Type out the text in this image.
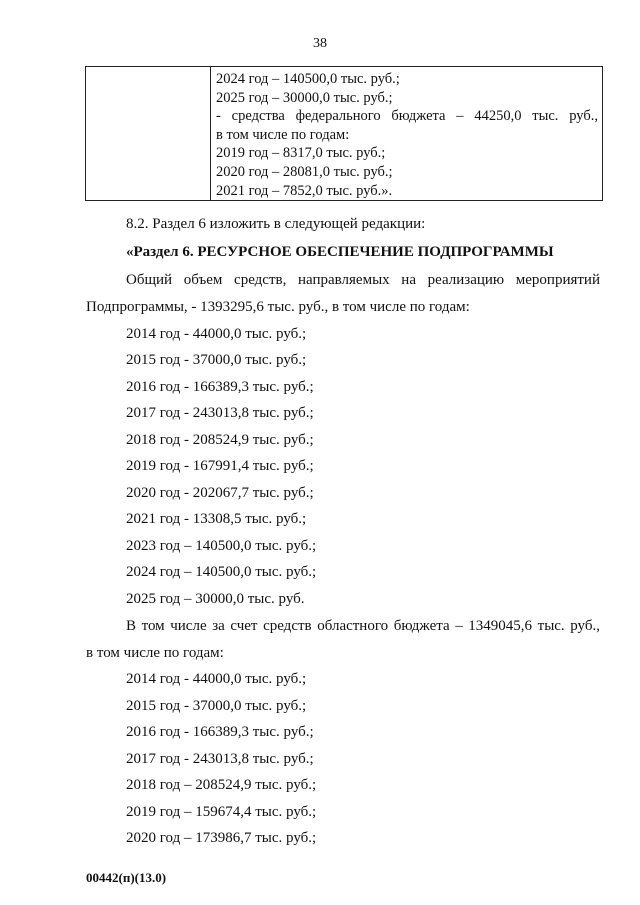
38

2024 год – 140500,0 тыс. руб.;
2025 год – 30000,0 тыс. руб.;
- средства федерального бюджета – 44250,0 тыс. руб.,
в том числе по годам:
2019 год – 8317,0 тыс. руб.;
2020 год – 28081,0 тыс. руб.;
2021 год – 7852,0 тыс. руб.».
8.2. Раздел 6 изложить в следующей редакции:
«Раздел 6. РЕСУРСНОЕ ОБЕСПЕЧЕНИЕ ПОДПРОГРАММЫ
Общий объем средств, направляемых на реализацию мероприятий
Подпрограммы, - 1393295,6 тыс. руб., в том числе по годам:
2014 год - 44000,0 тыс. руб.;
2015 год - 37000,0 тыс. руб.;
2016 год - 166389,3 тыс. руб.;
2017 год - 243013,8 тыс. руб.;
2018 год - 208524,9 тыс. руб.;
2019 год - 167991,4 тыс. руб.;
2020 год - 202067,7 тыс. руб.;
2021 год - 13308,5 тыс. руб.;
2023 год – 140500,0 тыс. руб.;
2024 год – 140500,0 тыс. руб.;
2025 год – 30000,0 тыс. руб.
В том числе за счет средств областного бюджета – 1349045,6 тыс. руб.,
в том числе по годам:
2014 год - 44000,0 тыс. руб.;
2015 год - 37000,0 тыс. руб.;
2016 год - 166389,3 тыс. руб.;
2017 год - 243013,8 тыс. руб.;
2018 год – 208524,9 тыс. руб.;
2019 год – 159674,4 тыс. руб.;
2020 год – 173986,7 тыс. руб.;
00442(п)(13.0)
